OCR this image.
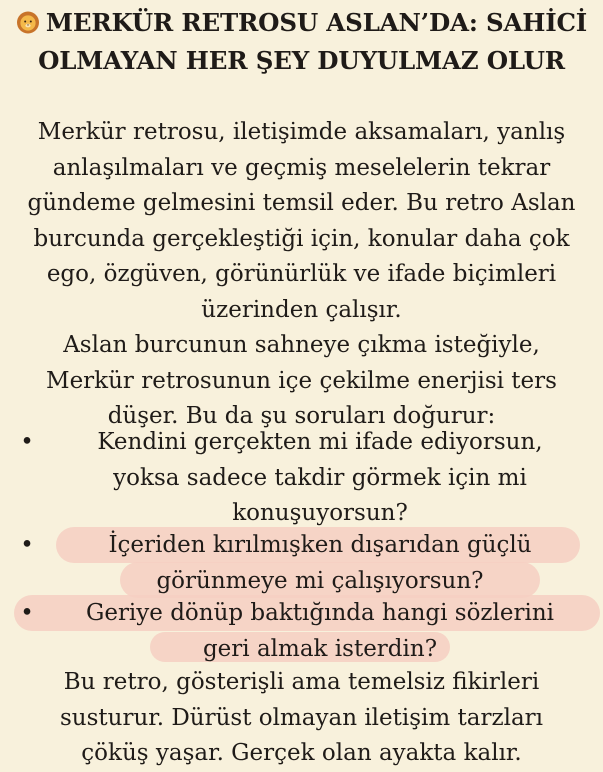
MERKÜR RETROSU ASLAN’DA: SAHİCİ
OLMAYAN HER ŞEY DUYULMAZ OLUR
Merkür retrosu, iletişimde aksamaları, yanlış
anlaşılmaları ve geçmiş meselelerin tekrar
gündeme gelmesini temsil eder. Bu retro Aslan
burcunda gerçekleştiği için, konular daha çok
ego, özgüven, görünürlük ve ifade biçimleri
üzerinden çalışır.
Aslan burcunun sahneye çıkma isteğiyle,
Merkür retrosunun içe çekilme enerjisi ters
düşer. Bu da şu soruları doğurur:
•	Kendini gerçekten mi ifade ediyorsun,
yoksa sadece takdir görmek için mi
konuşuyorsun?
•	İçeriden kırılmışken dışarıdan güçlü
görünmeye mi çalışıyorsun?
•	Geriye dönüp baktığında hangi sözlerini
geri almak isterdin?
Bu retro, gösterişli ama temelsiz fikirleri
susturur. Dürüst olmayan iletişim tarzları
çöküş yaşar. Gerçek olan ayakta kalır.
